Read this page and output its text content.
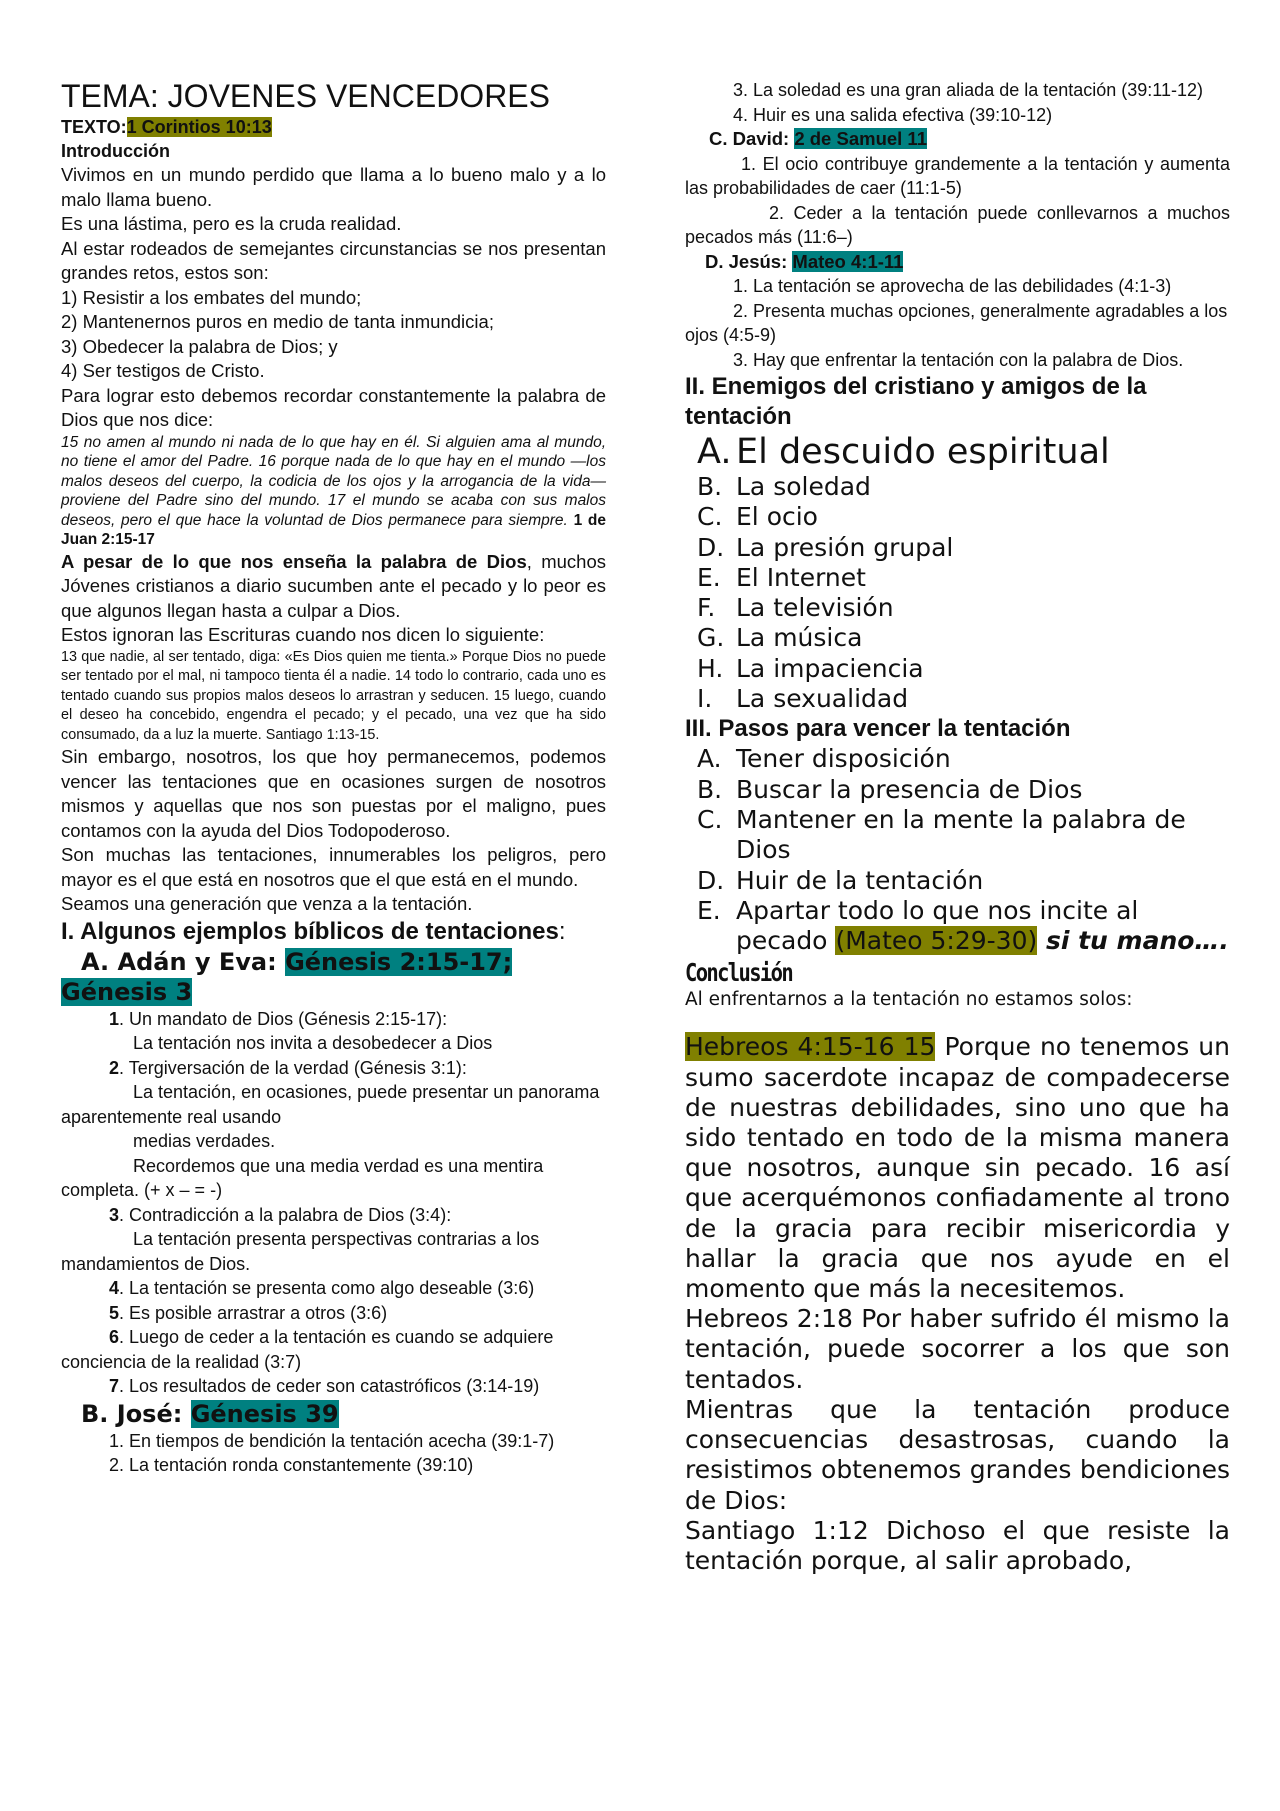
TEMA: JOVENES VENCEDORES

TEXTO:1 Corintios 10:13

Introducción

Vivimos en un mundo perdido que llama a lo bueno malo y a lo malo llama bueno.

Es una lástima, pero es la cruda realidad.

Al estar rodeados de semejantes circunstancias se nos presentan grandes retos, estos son:

1) Resistir a los embates del mundo;

2) Mantenernos puros en medio de tanta inmundicia;

3) Obedecer la palabra de Dios; y

4) Ser testigos de Cristo.

Para lograr esto debemos recordar constantemente la palabra de Dios que nos dice:

15 no amen al mundo ni nada de lo que hay en él. Si alguien ama al mundo, no tiene el amor del Padre. 16 porque nada de lo que hay en el mundo —los malos deseos del cuerpo, la codicia de los ojos y la arrogancia de la vida— proviene del Padre sino del mundo. 17 el mundo se acaba con sus malos deseos, pero el que hace la voluntad de Dios permanece para siempre. 1 de Juan 2:15-17

A pesar de lo que nos enseña la palabra de Dios, muchos Jóvenes cristianos a diario sucumben ante el pecado y lo peor es que algunos llegan hasta a culpar a Dios.

Estos ignoran las Escrituras cuando nos dicen lo siguiente:

13 que nadie, al ser tentado, diga: «Es Dios quien me tienta.» Porque Dios no puede ser tentado por el mal, ni tampoco tienta él a nadie. 14 todo lo contrario, cada uno es tentado cuando sus propios malos deseos lo arrastran y seducen. 15 luego, cuando el deseo ha concebido, engendra el pecado; y el pecado, una vez que ha sido consumado, da a luz la muerte. Santiago 1:13-15.

Sin embargo, nosotros, los que hoy permanecemos, podemos vencer las tentaciones que en ocasiones surgen de nosotros mismos y aquellas que nos son puestas por el maligno, pues contamos con la ayuda del Dios Todopoderoso.

Son muchas las tentaciones, innumerables los peligros, pero mayor es el que está en nosotros que el que está en el mundo.

Seamos una generación que venza a la tentación.

I. Algunos ejemplos bíblicos de tentaciones:

A. Adán y Eva: Génesis 2:15-17; Génesis 3

1. Un mandato de Dios (Génesis 2:15-17):

La tentación nos invita a desobedecer a Dios

2. Tergiversación de la verdad (Génesis 3:1):

La tentación, en ocasiones, puede presentar un panorama aparentemente real usando

medias verdades.

Recordemos que una media verdad es una mentira completa. (+ x – = -)

3. Contradicción a la palabra de Dios (3:4):

La tentación presenta perspectivas contrarias a los mandamientos de Dios.

4. La tentación se presenta como algo deseable (3:6)

5. Es posible arrastrar a otros (3:6)

6. Luego de ceder a la tentación es cuando se adquiere conciencia de la realidad (3:7)

7. Los resultados de ceder son catastróficos (3:14-19)

B. José: Génesis 39

1. En tiempos de bendición la tentación acecha (39:1-7)

2. La tentación ronda constantemente (39:10)

3. La soledad es una gran aliada de la tentación (39:11-12)

4. Huir es una salida efectiva (39:10-12)

C. David: 2 de Samuel 11

1. El ocio contribuye grandemente a la tentación y aumenta las probabilidades de caer (11:1-5)

2. Ceder a la tentación puede conllevarnos a muchos pecados más (11:6–)

D. Jesús: Mateo 4:1-11

1. La tentación se aprovecha de las debilidades (4:1-3)

2. Presenta muchas opciones, generalmente agradables a los ojos (4:5-9)

3. Hay que enfrentar la tentación con la palabra de Dios.

II. Enemigos del cristiano y amigos de la tentación

A. El descuido espiritual
B. La soledad
C. El ocio
D. La presión grupal
E. El Internet
F. La televisión
G. La música
H. La impaciencia
I. La sexualidad

III. Pasos para vencer la tentación

A. Tener disposición
B. Buscar la presencia de Dios
C. Mantener en la mente la palabra de Dios
D. Huir de la tentación
E. Apartar todo lo que nos incite al pecado (Mateo 5:29-30) si tu mano….

Conclusión

Al enfrentarnos a la tentación no estamos solos:

Hebreos 4:15-16 15 Porque no tenemos un sumo sacerdote incapaz de compadecerse de nuestras debilidades, sino uno que ha sido tentado en todo de la misma manera que nosotros, aunque sin pecado. 16 así que acerquémonos confiadamente al trono de la gracia para recibir misericordia y hallar la gracia que nos ayude en el momento que más la necesitemos.

Hebreos 2:18 Por haber sufrido él mismo la tentación, puede socorrer a los que son tentados.

Mientras que la tentación produce consecuencias desastrosas, cuando la resistimos obtenemos grandes bendiciones de Dios:

Santiago 1:12 Dichoso el que resiste la tentación porque, al salir aprobado,
